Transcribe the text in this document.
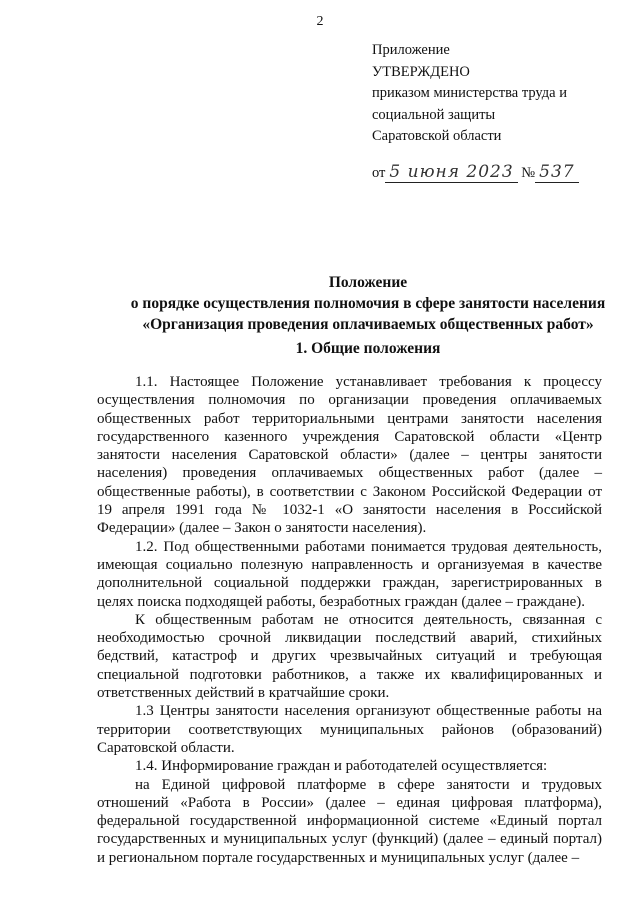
2
Приложение
УТВЕРЖДЕНО
приказом министерства труда и
социальной защиты
Саратовской области
от 5 июня 2023 № 537
Положение
о порядке осуществления полномочия в сфере занятости населения
«Организация проведения оплачиваемых общественных работ»
1. Общие положения

1.1. Настоящее Положение устанавливает требования к процессу осуществления полномочия по организации проведения оплачиваемых общественных работ территориальными центрами занятости населения государственного казенного учреждения Саратовской области «Центр занятости населения Саратовской области» (далее – центры занятости населения) проведения оплачиваемых общественных работ (далее – общественные работы), в соответствии с Законом Российской Федерации от 19 апреля 1991 года № 1032-1 «О занятости населения в Российской Федерации» (далее – Закон о занятости населения).

1.2. Под общественными работами понимается трудовая деятельность, имеющая социально полезную направленность и организуемая в качестве дополнительной социальной поддержки граждан, зарегистрированных в целях поиска подходящей работы, безработных граждан (далее – граждане).

К общественным работам не относится деятельность, связанная с необходимостью срочной ликвидации последствий аварий, стихийных бедствий, катастроф и других чрезвычайных ситуаций и требующая специальной подготовки работников, а также их квалифицированных и ответственных действий в кратчайшие сроки.

1.3 Центры занятости населения организуют общественные работы на территории соответствующих муниципальных районов (образований) Саратовской области.

1.4. Информирование граждан и работодателей осуществляется:

на Единой цифровой платформе в сфере занятости и трудовых отношений «Работа в России» (далее – единая цифровая платформа), федеральной государственной информационной системе «Единый портал государственных и муниципальных услуг (функций) (далее – единый портал) и региональном портале государственных и муниципальных услуг (далее –
